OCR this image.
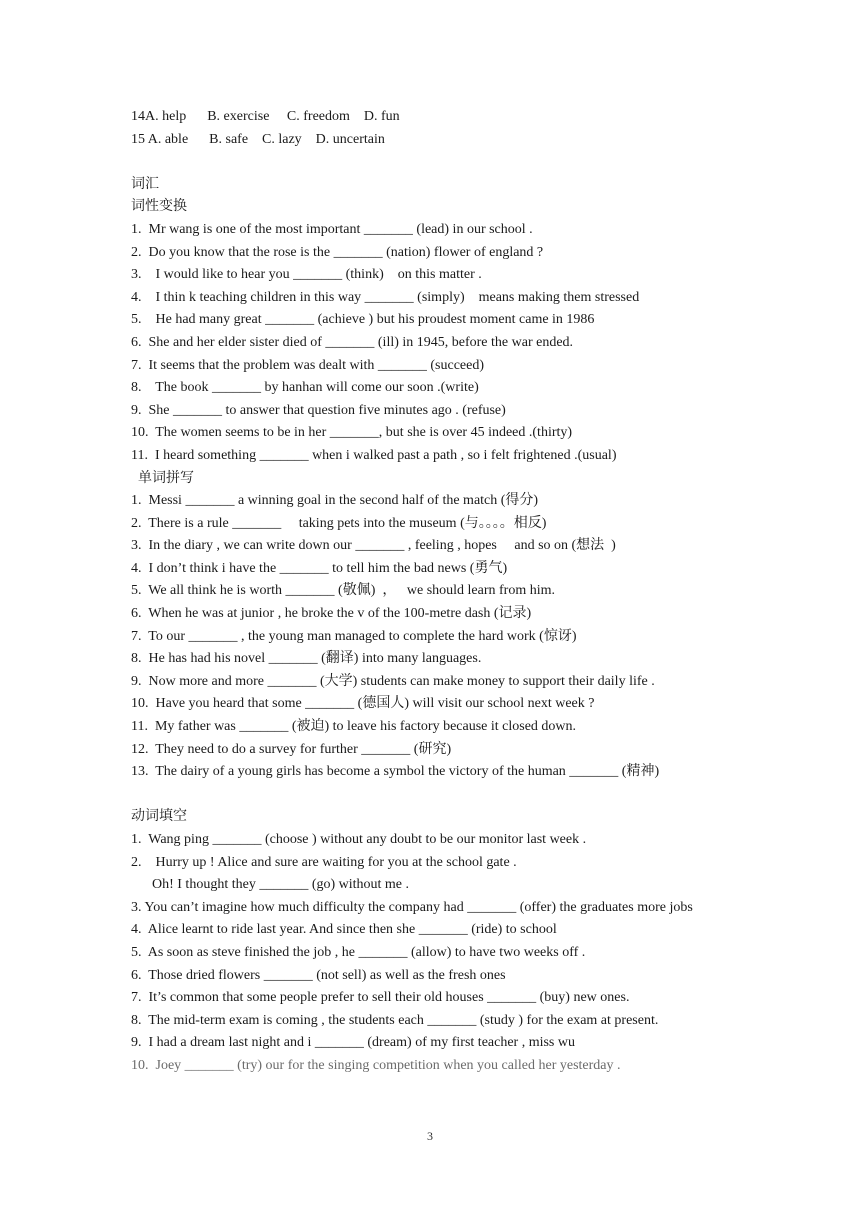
14A. help      B. exercise     C. freedom    D. fun
15 A. able      B. safe    C. lazy    D. uncertain
词汇
词性变换
1.  Mr wang is one of the most important _______ (lead) in our school .
2.  Do you know that the rose is the _______ (nation) flower of england ?
3.    I would like to hear you _______ (think)    on this matter .
4.    I thin k teaching children in this way _______ (simply)    means making them stressed
5.    He had many great _______ (achieve ) but his proudest moment came in 1986
6.  She and her elder sister died of _______ (ill) in 1945, before the war ended.
7.  It seems that the problem was dealt with _______ (succeed)
8.    The book _______ by hanhan will come our soon .(write)
9.  She _______ to answer that question five minutes ago . (refuse)
10.  The women seems to be in her _______, but she is over 45 indeed .(thirty)
11.  I heard something _______ when i walked past a path , so i felt frightened .(usual)
单词拼写
1.  Messi _______ a winning goal in the second half of the match (得分)
2.  There is a rule _______     taking pets into the museum (与。。。。相反)
3.  In the diary , we can write down our _______ , feeling , hopes     and so on (想法  )
4.  I don’t think i have the _______ to tell him the bad news (勇气)
5.  We all think he is worth _______ (敬佩)  ，   we should learn from him.
6.  When he was at junior , he broke the v of the 100-metre dash (记录)
7.  To our _______ , the young man managed to complete the hard work (惊讶)
8.  He has had his novel _______ (翻译) into many languages.
9.  Now more and more _______ (大学) students can make money to support their daily life .
10.  Have you heard that some _______ (德国人) will visit our school next week ?
11.  My father was _______ (被迫) to leave his factory because it closed down.
12.  They need to do a survey for further _______ (研究)
13.  The dairy of a young girls has become a symbol the victory of the human _______ (精神)
动词填空
1.  Wang ping _______ (choose ) without any doubt to be our monitor last week .
2.    Hurry up ! Alice and sure are waiting for you at the school gate .
Oh! I thought they _______ (go) without me .
3. You can’t imagine how much difficulty the company had _______ (offer) the graduates more jobs
4.  Alice learnt to ride last year. And since then she _______ (ride) to school
5.  As soon as steve finished the job , he _______ (allow) to have two weeks off .
6.  Those dried flowers _______ (not sell) as well as the fresh ones
7.  It’s common that some people prefer to sell their old houses _______ (buy) new ones.
8.  The mid-term exam is coming , the students each _______ (study ) for the exam at present.
9.  I had a dream last night and i _______ (dream) of my first teacher , miss wu
10.  Joey _______ (try) our for the singing competition when you called her yesterday .
3
